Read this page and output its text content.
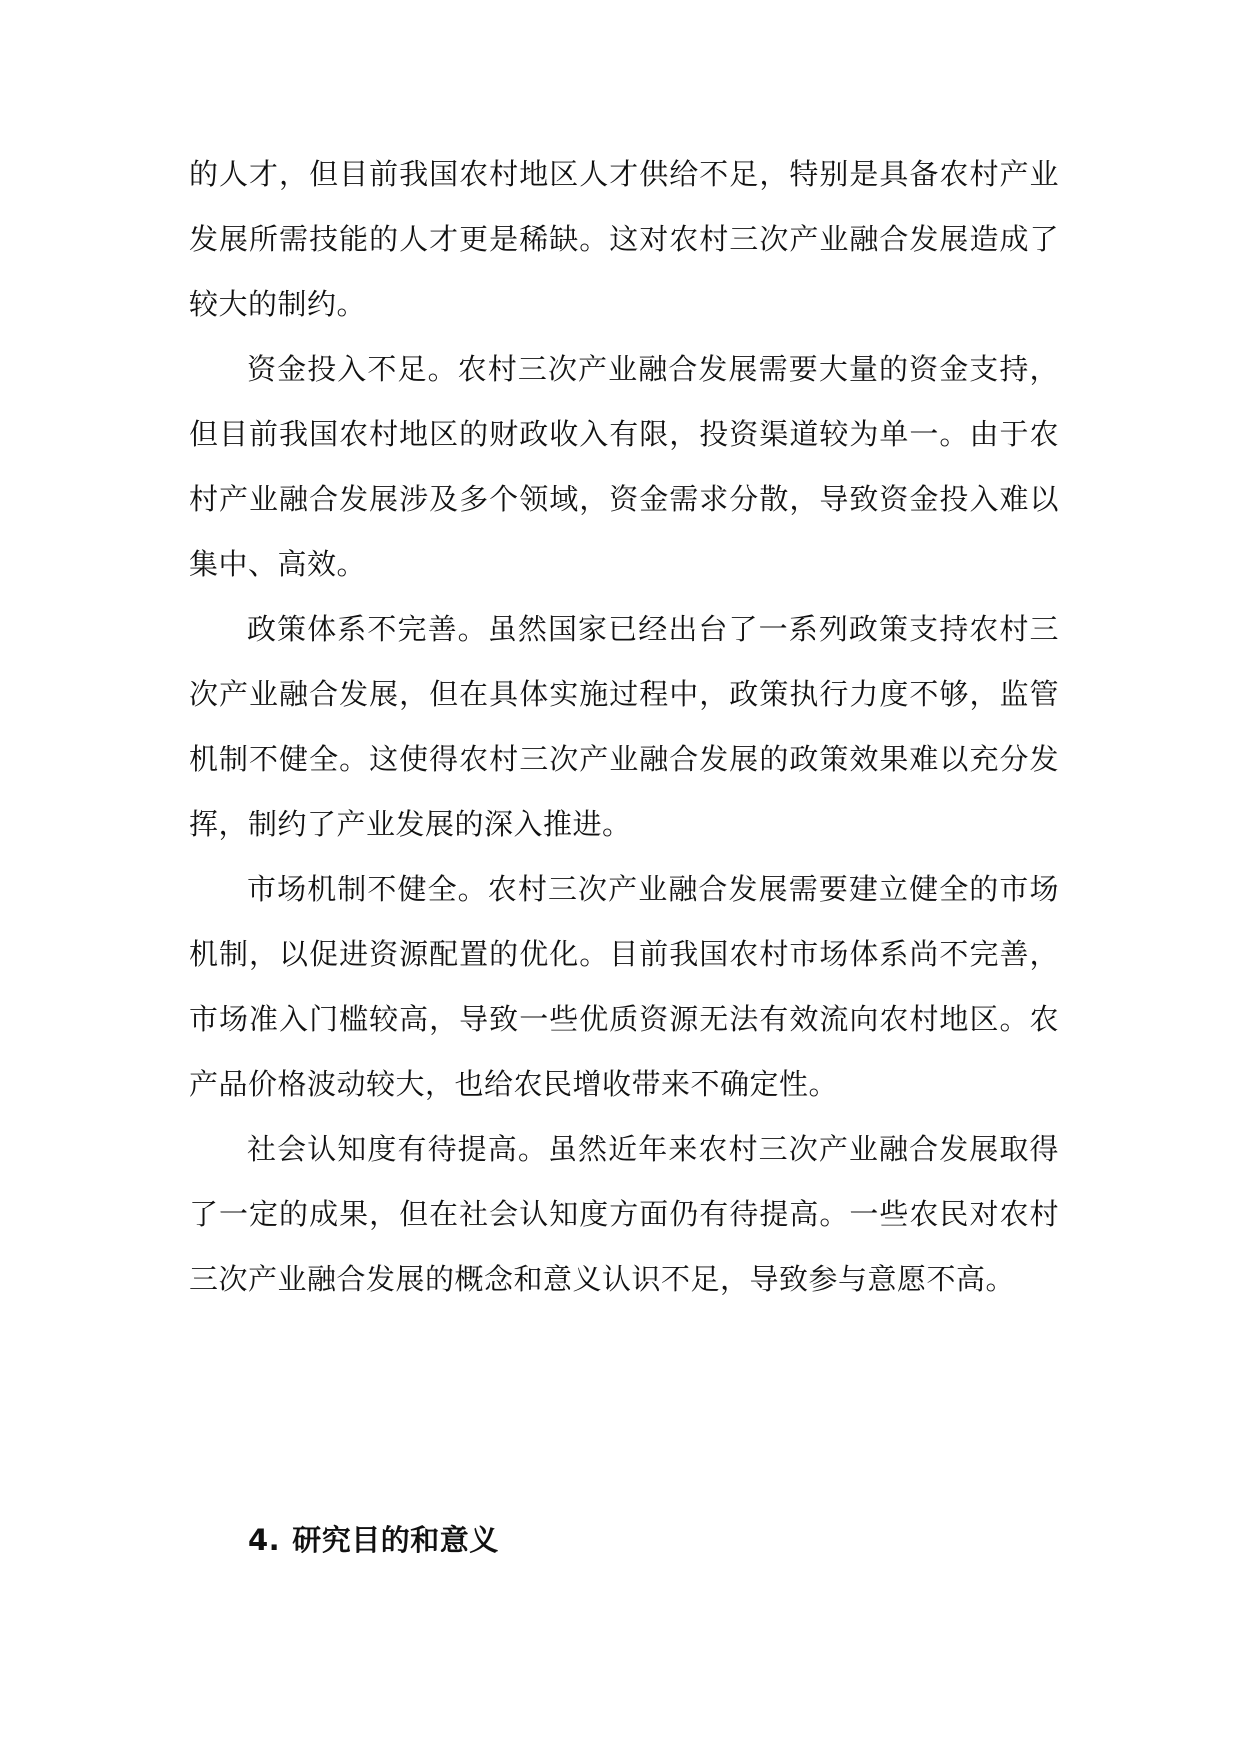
的人才，但目前我国农村地区人才供给不足，特别是具备农村产业发展所需技能的人才更是稀缺。这对农村三次产业融合发展造成了较大的制约。

资金投入不足。农村三次产业融合发展需要大量的资金支持，但目前我国农村地区的财政收入有限，投资渠道较为单一。由于农村产业融合发展涉及多个领域，资金需求分散，导致资金投入难以集中、高效。

政策体系不完善。虽然国家已经出台了一系列政策支持农村三次产业融合发展，但在具体实施过程中，政策执行力度不够，监管机制不健全。这使得农村三次产业融合发展的政策效果难以充分发挥，制约了产业发展的深入推进。

市场机制不健全。农村三次产业融合发展需要建立健全的市场机制，以促进资源配置的优化。目前我国农村市场体系尚不完善，市场准入门槛较高，导致一些优质资源无法有效流向农村地区。农产品价格波动较大，也给农民增收带来不确定性。

社会认知度有待提高。虽然近年来农村三次产业融合发展取得了一定的成果，但在社会认知度方面仍有待提高。一些农民对农村三次产业融合发展的概念和意义认识不足，导致参与意愿不高。

4. 研究目的和意义
